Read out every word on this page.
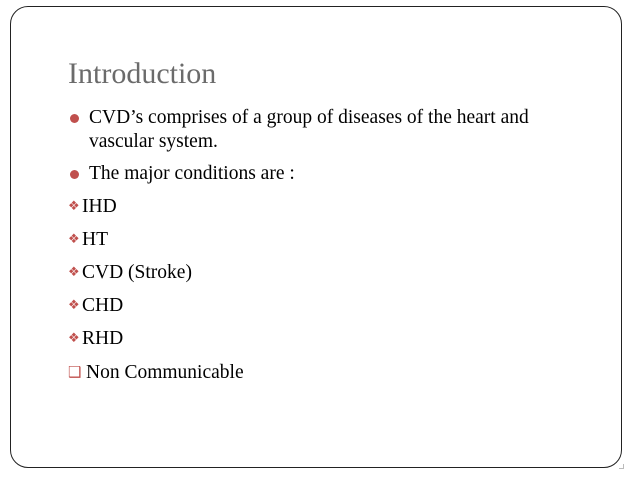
Introduction
CVD’s comprises of a group of diseases of the heart and vascular system.
The major conditions are :
❖ IHD
❖ HT
❖ CVD (Stroke)
❖ CHD
❖ RHD
❑ Non Communicable
